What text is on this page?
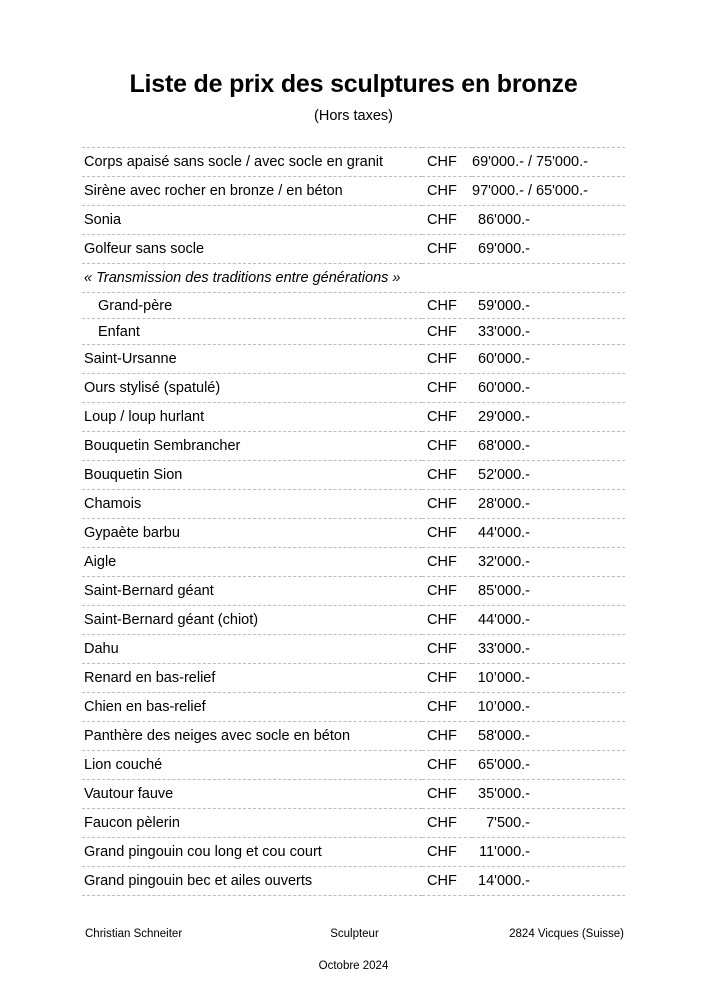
Liste de prix des sculptures en bronze
(Hors taxes)
Corps apaisé sans socle / avec socle en granit	CHF	69'000.- / 75'000.-
Sirène avec rocher en bronze / en béton	CHF	97'000.- / 65'000.-
Sonia	CHF	86'000.-
Golfeur sans socle	CHF	69'000.-
« Transmission des traditions entre générations »		
Grand-père	CHF	59'000.-
Enfant	CHF	33'000.-
Saint-Ursanne	CHF	60'000.-
Ours stylisé (spatulé)	CHF	60'000.-
Loup / loup hurlant	CHF	29'000.-
Bouquetin Sembrancher	CHF	68'000.-
Bouquetin Sion	CHF	52'000.-
Chamois	CHF	28'000.-
Gypaète barbu	CHF	44'000.-
Aigle	CHF	32'000.-
Saint-Bernard géant	CHF	85'000.-
Saint-Bernard géant (chiot)	CHF	44'000.-
Dahu	CHF	33'000.-
Renard en bas-relief	CHF	10’000.-
Chien en bas-relief	CHF	10’000.-
Panthère des neiges avec socle en béton	CHF	58'000.-
Lion couché	CHF	65'000.-
Vautour fauve	CHF	35'000.-
Faucon pèlerin	CHF	7'500.-
Grand pingouin cou long et cou court	CHF	11'000.-
Grand pingouin bec et ailes ouverts	CHF	14'000.-
Christian Schneiter	Sculpteur	2824 Vicques (Suisse)
Octobre 2024
